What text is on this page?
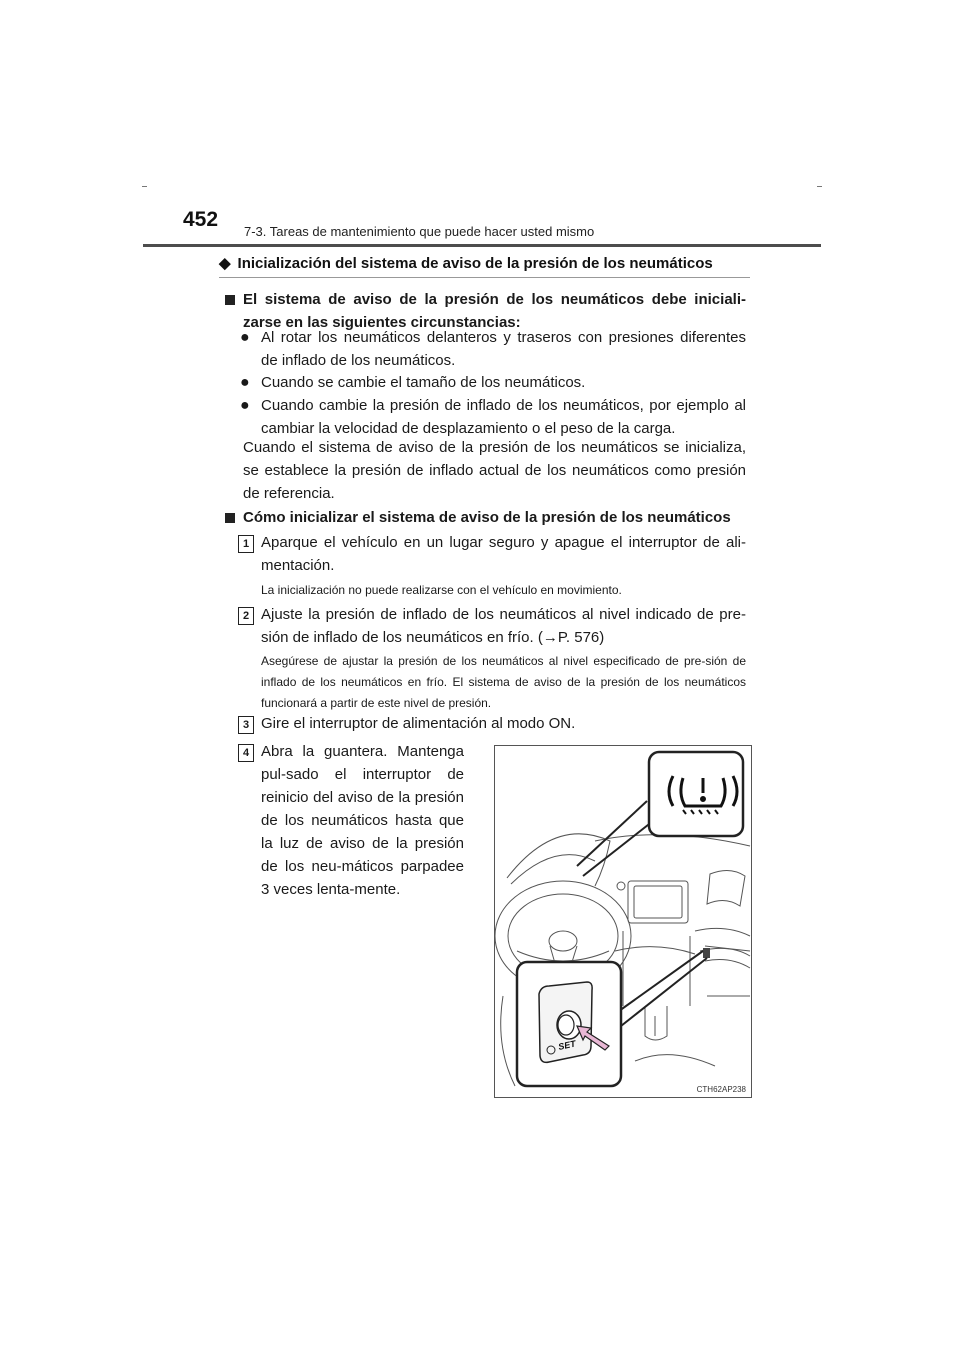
452
7-3. Tareas de mantenimiento que puede hacer usted mismo
◆ Inicialización del sistema de aviso de la presión de los neumáticos
El sistema de aviso de la presión de los neumáticos debe iniciali-zarse en las siguientes circunstancias:
● Al rotar los neumáticos delanteros y traseros con presiones diferentes de inflado de los neumáticos.
● Cuando se cambie el tamaño de los neumáticos.
● Cuando cambie la presión de inflado de los neumáticos, por ejemplo al cambiar la velocidad de desplazamiento o el peso de la carga.
Cuando el sistema de aviso de la presión de los neumáticos se inicializa, se establece la presión de inflado actual de los neumáticos como presión de referencia.
Cómo inicializar el sistema de aviso de la presión de los neumáticos
1 Aparque el vehículo en un lugar seguro y apague el interruptor de ali-mentación.
La inicialización no puede realizarse con el vehículo en movimiento.
2 Ajuste la presión de inflado de los neumáticos al nivel indicado de pre-sión de inflado de los neumáticos en frío. (→P. 576)
Asegúrese de ajustar la presión de los neumáticos al nivel especificado de pre-sión de inflado de los neumáticos en frío. El sistema de aviso de la presión de los neumáticos funcionará a partir de este nivel de presión.
3 Gire el interruptor de alimentación al modo ON.
4 Abra la guantera. Mantenga pul-sado el interruptor de reinicio del aviso de la presión de los neumáticos hasta que la luz de aviso de la presión de los neu-máticos parpadee 3 veces lenta-mente.
SET
CTH62AP238
